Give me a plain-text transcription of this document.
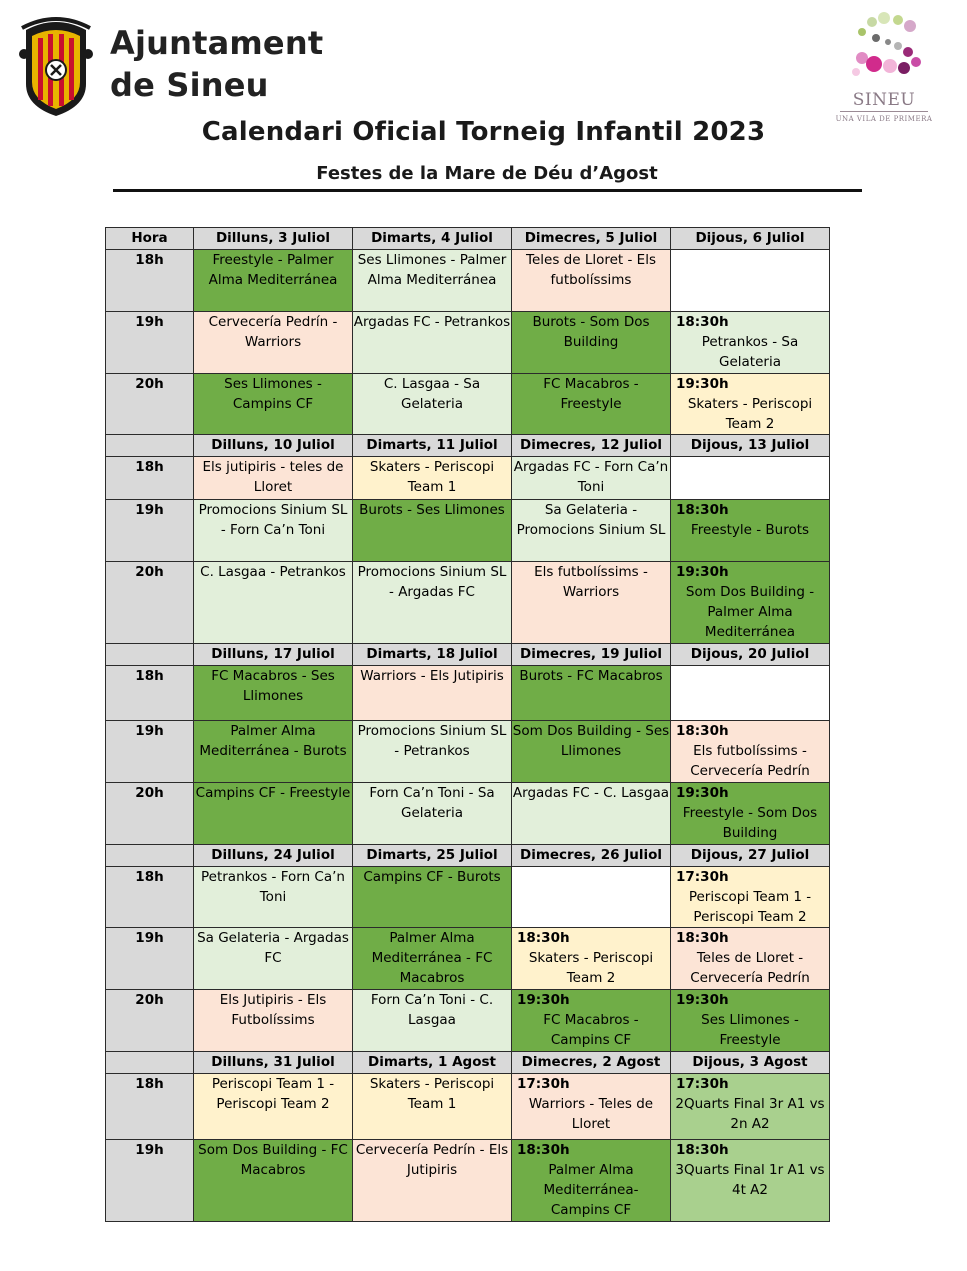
Ajuntament
de Sineu	SINEU
UNA VILA DE PRIMERA
Calendari Oficial Torneig Infantil 2023
Festes de la Mare de Déu d’Agost
Hora	Dilluns, 3 Juliol	Dimarts, 4 Juliol	Dimecres, 5 Juliol	Dijous, 6 Juliol
18h	Freestyle - Palmer Alma Mediterránea	Ses Llimones - Palmer Alma Mediterránea	Teles de Lloret - Els futbolíssims	
19h	Cervecería Pedrín - Warriors	Argadas FC - Petrankos	Burots - Som Dos Building	18:30h
Petrankos - Sa Gelateria
20h	Ses Llimones - Campins CF	C. Lasgaa - Sa Gelateria	FC Macabros - Freestyle	19:30h
Skaters - Periscopi Team 2
	Dilluns, 10 Juliol	Dimarts, 11 Juliol	Dimecres, 12 Juliol	Dijous, 13 Juliol
18h	Els jutipiris - teles de Lloret	Skaters - Periscopi Team 1	Argadas FC - Forn Ca’n Toni	
19h	Promocions Sinium SL - Forn Ca’n Toni	Burots - Ses Llimones	Sa Gelateria - Promocions Sinium SL	18:30h
Freestyle - Burots
20h	C. Lasgaa - Petrankos	Promocions Sinium SL - Argadas FC	Els futbolíssims - Warriors	19:30h
Som Dos Building - Palmer Alma Mediterránea
	Dilluns, 17 Juliol	Dimarts, 18 Juliol	Dimecres, 19 Juliol	Dijous, 20 Juliol
18h	FC Macabros - Ses Llimones	Warriors - Els Jutipiris	Burots - FC Macabros	
19h	Palmer Alma Mediterránea - Burots	Promocions Sinium SL - Petrankos	Som Dos Building - Ses Llimones	18:30h
Els futbolíssims - Cervecería Pedrín
20h	Campins CF - Freestyle	Forn Ca’n Toni - Sa Gelateria	Argadas FC - C. Lasgaa	19:30h
Freestyle - Som Dos Building
	Dilluns, 24 Juliol	Dimarts, 25 Juliol	Dimecres, 26 Juliol	Dijous, 27 Juliol
18h	Petrankos - Forn Ca’n Toni	Campins CF - Burots		17:30h
Periscopi Team 1 - Periscopi Team 2
19h	Sa Gelateria - Argadas FC	Palmer Alma Mediterránea - FC Macabros	18:30h
Skaters - Periscopi Team 2	18:30h
Teles de Lloret - Cervecería Pedrín
20h	Els Jutipiris - Els Futbolíssims	Forn Ca’n Toni - C. Lasgaa	19:30h
FC Macabros - Campins CF	19:30h
Ses Llimones - Freestyle
	Dilluns, 31 Juliol	Dimarts, 1 Agost	Dimecres, 2 Agost	Dijous, 3 Agost
18h	Periscopi Team 1 - Periscopi Team 2	Skaters - Periscopi Team 1	17:30h
Warriors - Teles de Lloret	17:30h
2Quarts Final 3r A1 vs 2n A2
19h	Som Dos Building - FC Macabros	Cervecería Pedrín - Els Jutipiris	18:30h
Palmer Alma Mediterránea- Campins CF	18:30h
3Quarts Final 1r A1 vs 4t A2
